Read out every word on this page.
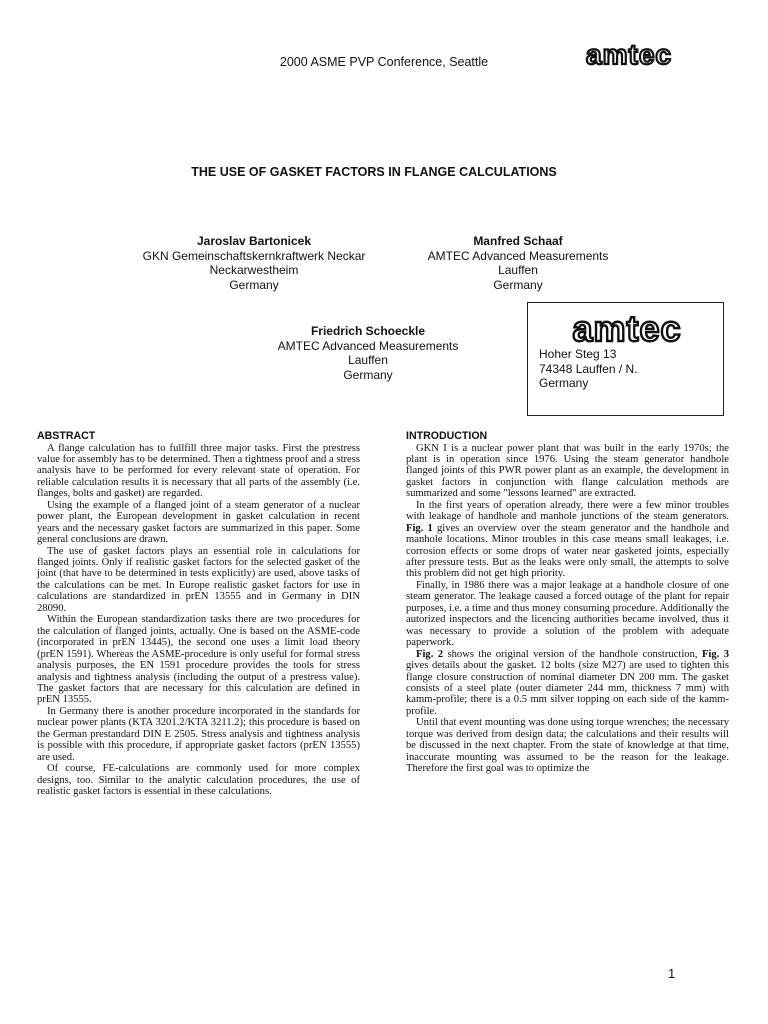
2000 ASME PVP Conference, Seattle	amtec
THE USE OF GASKET FACTORS IN FLANGE CALCULATIONS
Jaroslav Bartonicek
GKN Gemeinschaftskernkraftwerk Neckar
Neckarwestheim
Germany
Manfred Schaaf
AMTEC Advanced Measurements
Lauffen
Germany
Friedrich Schoeckle
AMTEC Advanced Measurements
Lauffen
Germany
amtec
Hoher Steg 13
74348 Lauffen / N.
Germany
ABSTRACT

A flange calculation has to fullfill three major tasks. First the prestress value for assembly has to be determined. Then a tightness proof and a stress analysis have to be performed for every relevant state of operation. For reliable calculation results it is necessary that all parts of the assembly (i.e. flanges, bolts and gasket) are regarded.

Using the example of a flanged joint of a steam generator of a nuclear power plant, the European development in gasket calculation in recent years and the necessary gasket factors are summarized in this paper. Some general conclusions are drawn.

The use of gasket factors plays an essential role in calculations for flanged joints. Only if realistic gasket factors for the selected gasket of the joint (that have to be determined in tests explicitly) are used, above tasks of the calculations can be met. In Europe realistic gasket factors for use in calculations are standardized in prEN 13555 and in Germany in DIN 28090.

Within the European standardization tasks there are two procedures for the calculation of flanged joints, actually. One is based on the ASME-code (incorporated in prEN 13445), the second one uses a limit load theory (prEN 1591). Whereas the ASME-procedure is only useful for formal stress analysis purposes, the EN 1591 procedure provides the tools for stress analysis and tightness analysis (including the output of a prestress value). The gasket factors that are necessary for this calculation are defined in prEN 13555.

In Germany there is another procedure incorporated in the standards for nuclear power plants (KTA 3201.2/KTA 3211.2); this procedure is based on the German prestandard DIN E 2505. Stress analysis and tightness analysis is possible with this procedure, if appropriate gasket factors (prEN 13555) are used.

Of course, FE-calculations are commonly used for more complex designs, too. Similar to the analytic calculation procedures, the use of realistic gasket factors is essential in these calculations.

INTRODUCTION

GKN I is a nuclear power plant that was built in the early 1970s; the plant is in operation since 1976. Using the steam generator handhole flanged joints of this PWR power plant as an example, the development in gasket factors in conjunction with flange calculation methods are summarized and some "lessons learned" are extracted.

In the first years of operation already, there were a few minor troubles with leakage of handhole and manhole junctions of the steam generators. Fig. 1 gives an overview over the steam generator and the handhole and manhole locations. Minor troubles in this case means small leakages, i.e. corrosion effects or some drops of water near gasketed joints, especially after pressure tests. But as the leaks were only small, the attempts to solve this problem did not get high priority.

Finally, in 1986 there was a major leakage at a handhole closure of one steam generator. The leakage caused a forced outage of the plant for repair purposes, i.e. a time and thus money consuming procedure. Additionally the autorized inspectors and the licencing authorities became involved, thus it was necessary to provide a solution of the problem with adequate paperwork.

Fig. 2 shows the original version of the handhole construction, Fig. 3 gives details about the gasket. 12 bolts (size M27) are used to tighten this flange closure construction of nominal diameter DN 200 mm. The gasket consists of a steel plate (outer diameter 244 mm, thickness 7 mm) with kamm-profile; there is a 0.5 mm silver topping on each side of the kamm-profile.

Until that event mounting was done using torque wrenches; the necessary torque was derived from design data; the calculations and their results will be discussed in the next chapter. From the state of knowledge at that time, inaccurate mounting was assumed to be the reason for the leakage. Therefore the first goal was to optimize the

1
